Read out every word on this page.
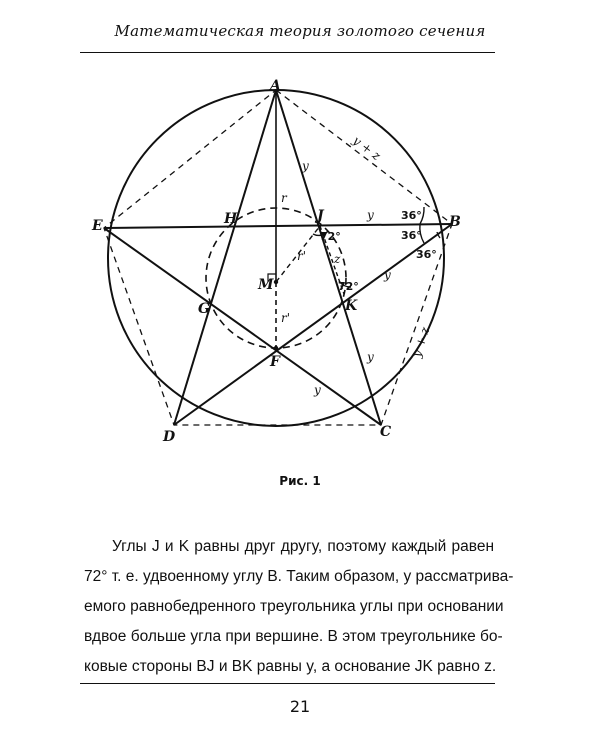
Математическая теория золотого сечения
A
B
C
D
E
F
G
H	J
K
M
r
r'
r'
y
y
y
y
y
z
y + z
y + z
72°
72°
36°
36°
36°
Рис. 1
Углы J и K равны друг другу, поэтому каждый равен
72° т. е. удвоенному углу B. Таким образом, у рассматрива-
емого равнобедренного треугольника углы при основании
вдвое больше угла при вершине. В этом треугольнике бо-
ковые стороны BJ и BK равны y, а основание JK равно z.
21
